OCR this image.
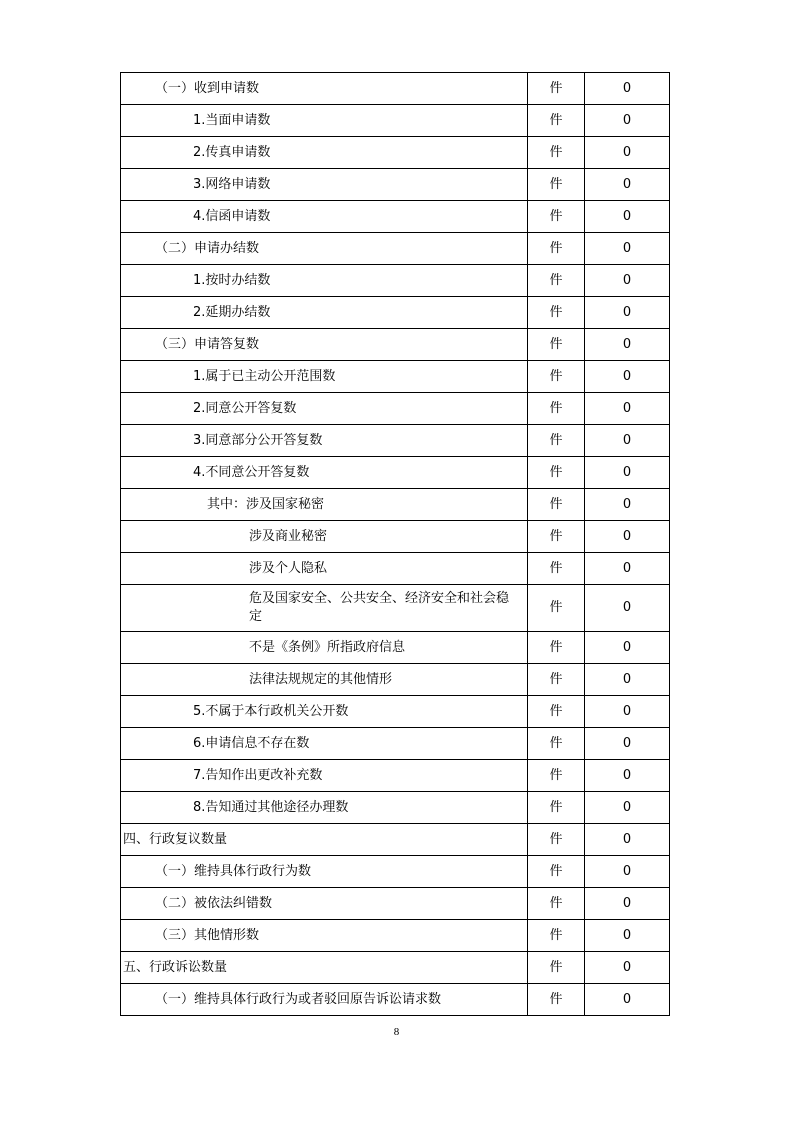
（一）收到申请数	件	0
1.当面申请数	件	0
2.传真申请数	件	0
3.网络申请数	件	0
4.信函申请数	件	0
（二）申请办结数	件	0
1.按时办结数	件	0
2.延期办结数	件	0
（三）申请答复数	件	0
1.属于已主动公开范围数	件	0
2.同意公开答复数	件	0
3.同意部分公开答复数	件	0
4.不同意公开答复数	件	0
其中：涉及国家秘密	件	0
涉及商业秘密	件	0
涉及个人隐私	件	0
危及国家安全、公共安全、经济安全和社会稳定	件	0
不是《条例》所指政府信息	件	0
法律法规规定的其他情形	件	0
5.不属于本行政机关公开数	件	0
6.申请信息不存在数	件	0
7.告知作出更改补充数	件	0
8.告知通过其他途径办理数	件	0
四、行政复议数量	件	0
（一）维持具体行政行为数	件	0
（二）被依法纠错数	件	0
（三）其他情形数	件	0
五、行政诉讼数量	件	0
（一）维持具体行政行为或者驳回原告诉讼请求数	件	0
8
